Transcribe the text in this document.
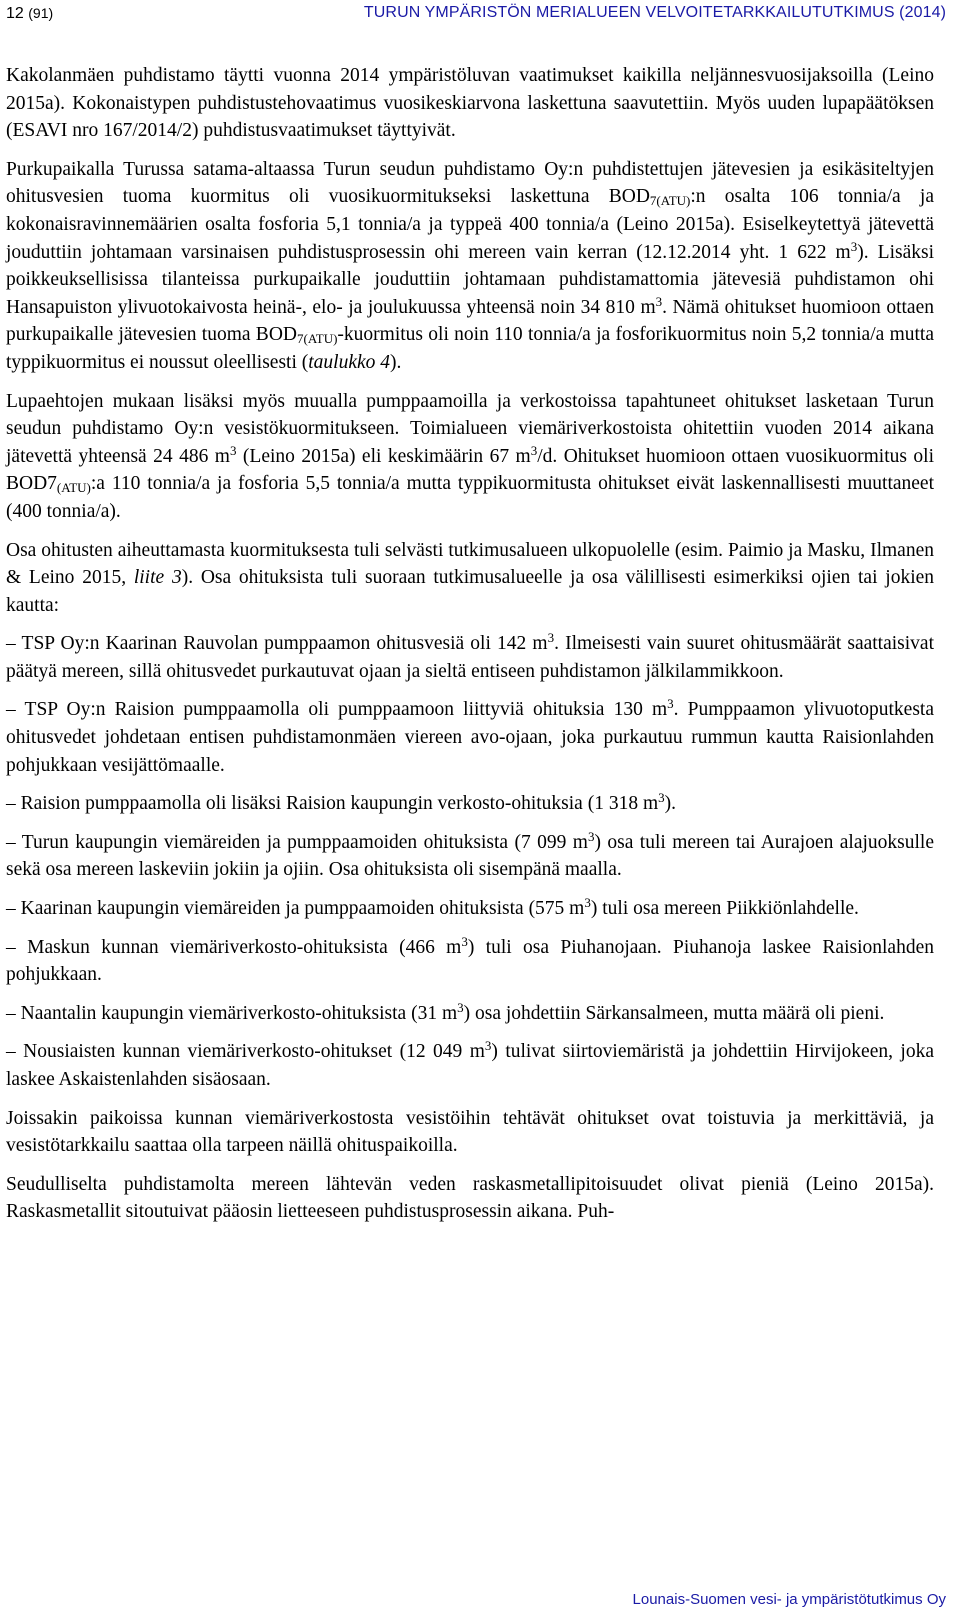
12 (91)	TURUN YMPÄRISTÖN MERIALUEEN VELVOITETARKKAILUTUTKIMUS (2014)

Kakolanmäen puhdistamo täytti vuonna 2014 ympäristöluvan vaatimukset kaikilla neljännesvuosijaksoilla (Leino 2015a). Kokonaistypen puhdistustehovaatimus vuosikeskiarvona laskettuna saavutettiin. Myös uuden lupapäätöksen (ESAVI nro 167/2014/2) puhdistusvaatimukset täyttyivät.

Purkupaikalla Turussa satama-altaassa Turun seudun puhdistamo Oy:n puhdistettujen jätevesien ja esikäsiteltyjen ohitusvesien tuoma kuormitus oli vuosikuormitukseksi laskettuna $BOD_{7(ATU)}:n$ osalta 106 tonnia/a ja kokonaisravinnemäärien osalta fosforia 5,1 tonnia/a ja typpeä 400 tonnia/a (Leino 2015a). Esiselkeytettyä jätevettä jouduttiin johtamaan varsinaisen puhdistusprosessin ohi mereen vain kerran (12.12.2014 yht. 1 622 $m^3$). Lisäksi poikkeuksellisissa tilanteissa purkupaikalle jouduttiin johtamaan puhdistamattomia jätevesiä puhdistamon ohi Hansapuiston ylivuotokaivosta heinä-, elo- ja joulukuussa yhteensä noin 34 810 $m^3$. Nämä ohitukset huomioon ottaen purkupaikalle jätevesien tuoma $BOD_{7(ATU)}$-kuormitus oli noin 110 tonnia/a ja fosforikuormitus noin 5,2 tonnia/a mutta typpikuormitus ei noussut oleellisesti (taulukko 4).

Lupaehtojen mukaan lisäksi myös muualla pumppaamoilla ja verkostoissa tapahtuneet ohitukset lasketaan Turun seudun puhdistamo Oy:n vesistökuormitukseen. Toimialueen viemäriverkostoista ohitettiin vuoden 2014 aikana jätevettä yhteensä 24 486 $m^3$ (Leino 2015a) eli keskimäärin 67 $m^3/d$. Ohitukset huomioon ottaen vuosikuormitus oli $BOD7_{(ATU)}:a$ 110 tonnia/a ja fosforia 5,5 tonnia/a mutta typpikuormitusta ohitukset eivät laskennallisesti muuttaneet (400 tonnia/a).

Osa ohitusten aiheuttamasta kuormituksesta tuli selvästi tutkimusalueen ulkopuolelle (esim. Paimio ja Masku, Ilmanen & Leino 2015, liite 3). Osa ohituksista tuli suoraan tutkimusalueelle ja osa välillisesti esimerkiksi ojien tai jokien kautta:

– TSP Oy:n Kaarinan Rauvolan pumppaamon ohitusvesiä oli 142 $m^3$. Ilmeisesti vain suuret ohitusmäärät saattaisivat päätyä mereen, sillä ohitusvedet purkautuvat ojaan ja sieltä entiseen puhdistamon jälkilammikkoon.

– TSP Oy:n Raision pumppaamolla oli pumppaamoon liittyviä ohituksia 130 $m^3$. Pumppaamon ylivuotoputkesta ohitusvedet johdetaan entisen puhdistamonmäen viereen avo-ojaan, joka purkautuu rummun kautta Raisionlahden pohjukkaan vesijättömaalle.

– Raision pumppaamolla oli lisäksi Raision kaupungin verkosto-ohituksia (1 318 $m^3$).

– Turun kaupungin viemäreiden ja pumppaamoiden ohituksista (7 099 $m^3$) osa tuli mereen tai Aurajoen alajuoksulle sekä osa mereen laskeviin jokiin ja ojiin. Osa ohituksista oli sisempänä maalla.

– Kaarinan kaupungin viemäreiden ja pumppaamoiden ohituksista (575 $m^3$) tuli osa mereen Piikkiönlahdelle.

– Maskun kunnan viemäriverkosto-ohituksista (466 $m^3$) tuli osa Piuhanojaan. Piuhanoja laskee Raisionlahden pohjukkaan.

– Naantalin kaupungin viemäriverkosto-ohituksista (31 $m^3$) osa johdettiin Särkansalmeen, mutta määrä oli pieni.

– Nousiaisten kunnan viemäriverkosto-ohitukset (12 049 $m^3$) tulivat siirtoviemäristä ja johdettiin Hirvijokeen, joka laskee Askaistenlahden sisäosaan.

Joissakin paikoissa kunnan viemäriverkostosta vesistöihin tehtävät ohitukset ovat toistuvia ja merkittäviä, ja vesistötarkkailu saattaa olla tarpeen näillä ohituspaikoilla.

Seudulliselta puhdistamolta mereen lähtevän veden raskasmetallipitoisuudet olivat pieniä (Leino 2015a). Raskasmetallit sitoutuivat pääosin lietteeseen puhdistusprosessin aikana. Puh-

Lounais-Suomen vesi- ja ympäristötutkimus Oy
